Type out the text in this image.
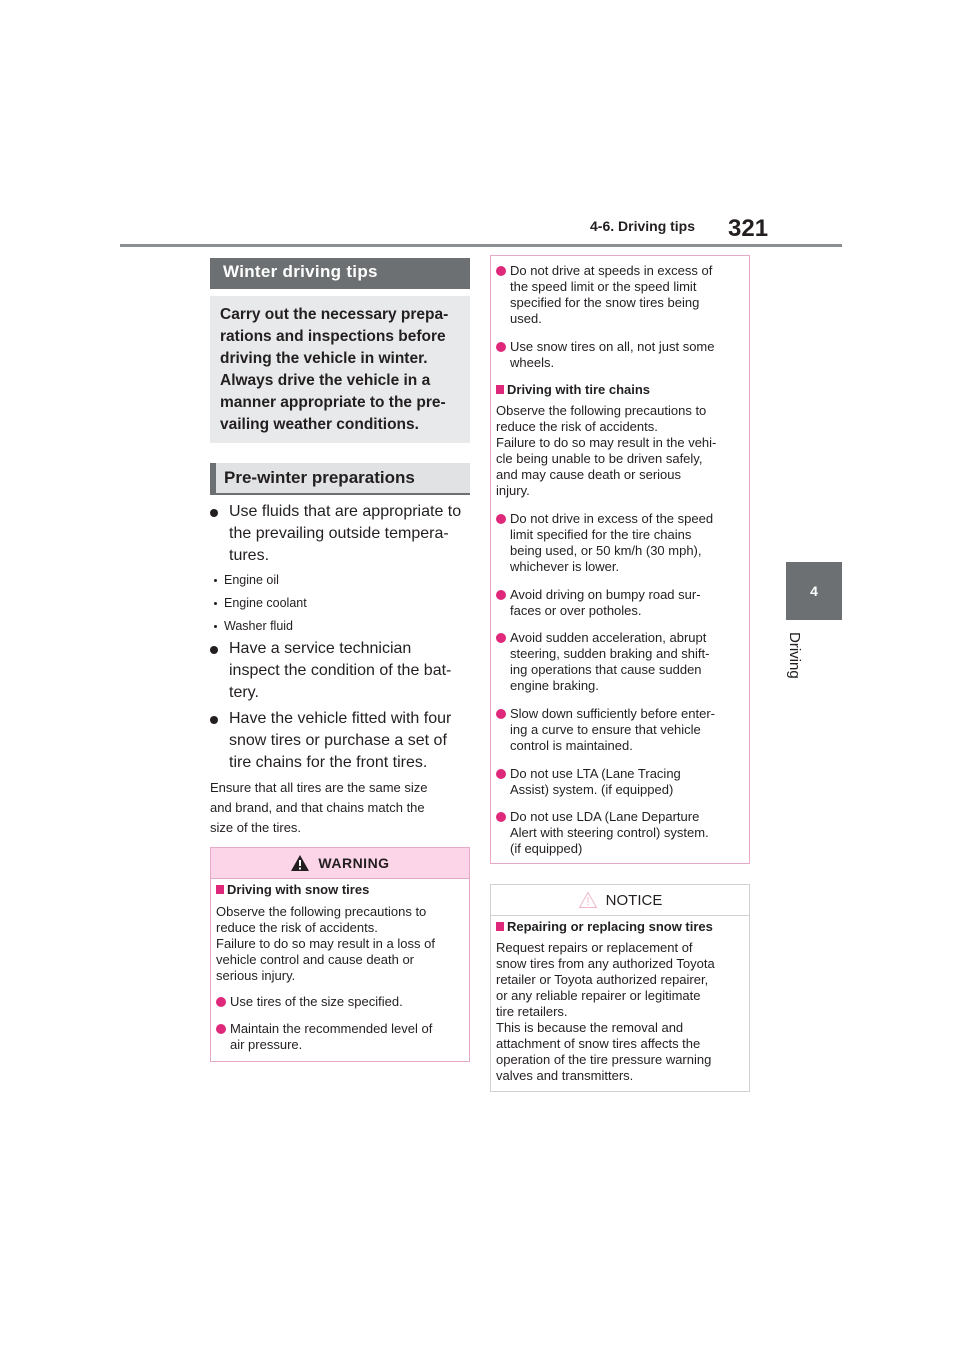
4-6. Driving tips 321
4
Driving
Winter driving tips
Carry out the necessary prepa-
rations and inspections before
driving the vehicle in winter.
Always drive the vehicle in a
manner appropriate to the pre-
vailing weather conditions.
Pre-winter preparations
Use fluids that are appropriate to
the prevailing outside tempera-
tures.
Engine oil
Engine coolant
Washer fluid
Have a service technician
inspect the condition of the bat-
tery.
Have the vehicle fitted with four
snow tires or purchase a set of
tire chains for the front tires.
Ensure that all tires are the same size
and brand, and that chains match the
size of the tires.
WARNING
Driving with snow tires
Observe the following precautions to
reduce the risk of accidents.
Failure to do so may result in a loss of
vehicle control and cause death or
serious injury.
Use tires of the size specified.
Maintain the recommended level of
air pressure.
Do not drive at speeds in excess of
the speed limit or the speed limit
specified for the snow tires being
used.
Use snow tires on all, not just some
wheels.
Driving with tire chains
Observe the following precautions to
reduce the risk of accidents.
Failure to do so may result in the vehi-
cle being unable to be driven safely,
and may cause death or serious
injury.
Do not drive in excess of the speed
limit specified for the tire chains
being used, or 50 km/h (30 mph),
whichever is lower.
Avoid driving on bumpy road sur-
faces or over potholes.
Avoid sudden acceleration, abrupt
steering, sudden braking and shift-
ing operations that cause sudden
engine braking.
Slow down sufficiently before enter-
ing a curve to ensure that vehicle
control is maintained.
Do not use LTA (Lane Tracing
Assist) system. (if equipped)
Do not use LDA (Lane Departure
Alert with steering control) system.
(if equipped)
NOTICE
Repairing or replacing snow tires
Request repairs or replacement of
snow tires from any authorized Toyota
retailer or Toyota authorized repairer,
or any reliable repairer or legitimate
tire retailers.
This is because the removal and
attachment of snow tires affects the
operation of the tire pressure warning
valves and transmitters.
